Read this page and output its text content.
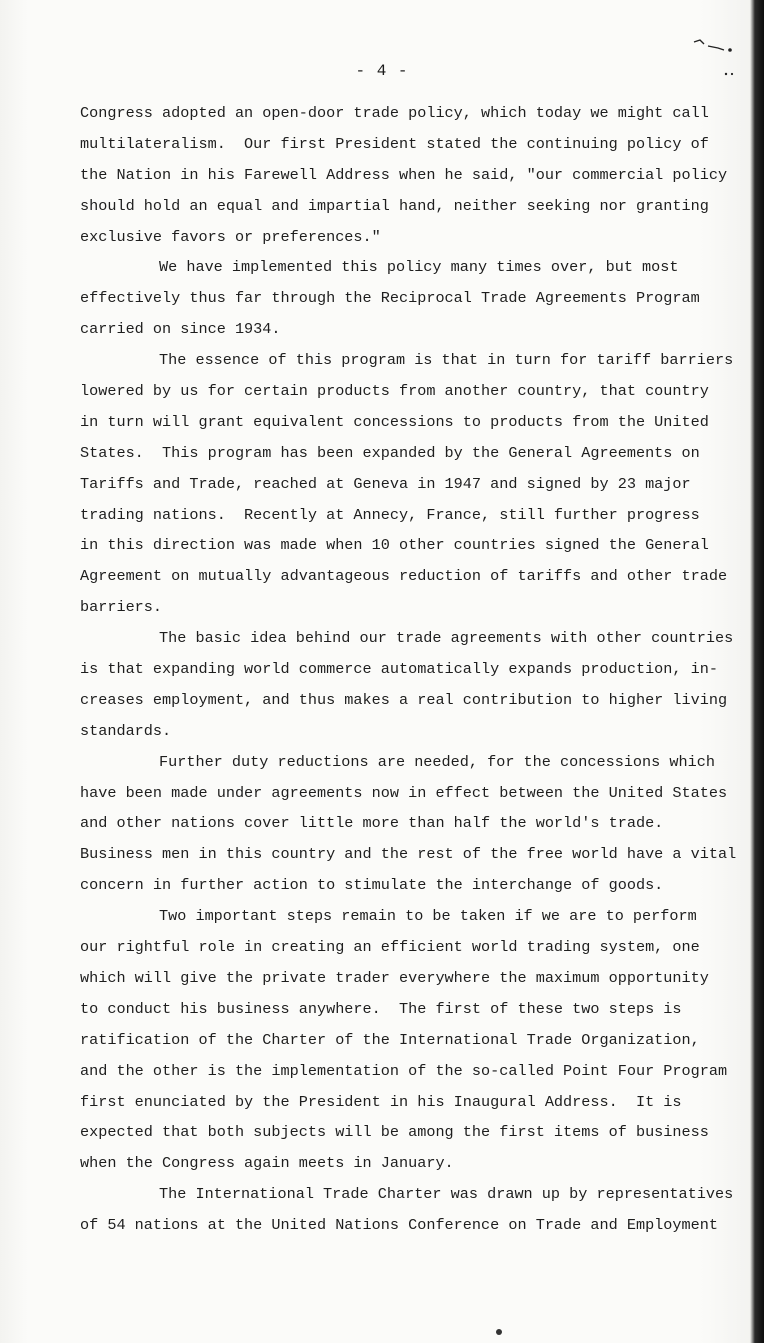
- 4 -
Congress adopted an open-door trade policy, which today we might call
multilateralism.  Our first President stated the continuing policy of
the Nation in his Farewell Address when he said, "our commercial policy
should hold an equal and impartial hand, neither seeking nor granting
exclusive favors or preferences."
We have implemented this policy many times over, but most
effectively thus far through the Reciprocal Trade Agreements Program
carried on since 1934.
The essence of this program is that in turn for tariff barriers
lowered by us for certain products from another country, that country
in turn will grant equivalent concessions to products from the United
States.  This program has been expanded by the General Agreements on
Tariffs and Trade, reached at Geneva in 1947 and signed by 23 major
trading nations.  Recently at Annecy, France, still further progress
in this direction was made when 10 other countries signed the General
Agreement on mutually advantageous reduction of tariffs and other trade
barriers.
The basic idea behind our trade agreements with other countries
is that expanding world commerce automatically expands production, in-
creases employment, and thus makes a real contribution to higher living
standards.
Further duty reductions are needed, for the concessions which
have been made under agreements now in effect between the United States
and other nations cover little more than half the world's trade.
Business men in this country and the rest of the free world have a vital
concern in further action to stimulate the interchange of goods.
Two important steps remain to be taken if we are to perform
our rightful role in creating an efficient world trading system, one
which will give the private trader everywhere the maximum opportunity
to conduct his business anywhere.  The first of these two steps is
ratification of the Charter of the International Trade Organization,
and the other is the implementation of the so-called Point Four Program
first enunciated by the President in his Inaugural Address.  It is
expected that both subjects will be among the first items of business
when the Congress again meets in January.
The International Trade Charter was drawn up by representatives
of 54 nations at the United Nations Conference on Trade and Employment
